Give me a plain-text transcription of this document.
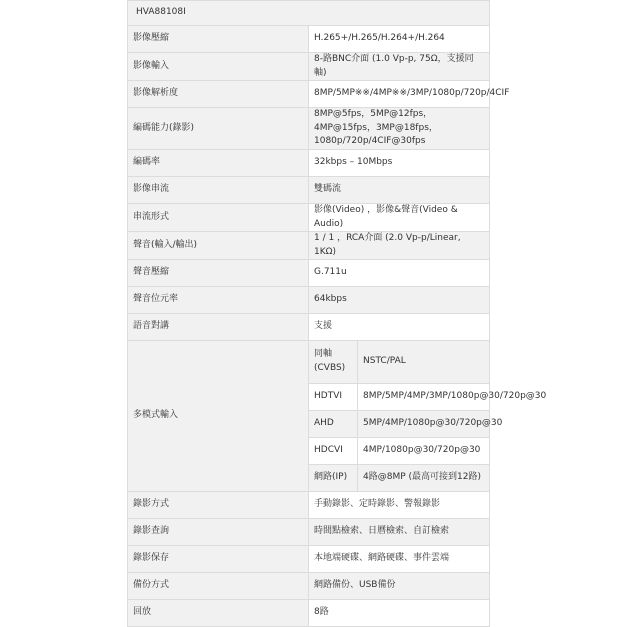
HVA88108I
影像壓縮	H.265+/H.265/H.264+/H.264
影像輸入	8-路BNC介面 (1.0 Vp-p, 75Ω，支援同軸)
影像解析度	8MP/5MP※※/4MP※※/3MP/1080p/720p/4CIF
編碼能力(錄影)	8MP@5fps，5MP@12fps，4MP@15fps，3MP@18fps，1080p/720p/4CIF@30fps
編碼率	32kbps – 10Mbps
影像串流	雙碼流
串流形式	影像(Video) ，影像&聲音(Video & Audio)
聲音(輸入/輸出)	1 / 1 ，RCA介面 (2.0 Vp-p/Linear, 1KΩ)
聲音壓縮	G.711u
聲音位元率	64kbps
語音對講	支援
多模式輸入	
同軸(CVBS)	NSTC/PAL
HDTVI	8MP/5MP/4MP/3MP/1080p@30/720p@30
AHD	5MP/4MP/1080p@30/720p@30
HDCVI	4MP/1080p@30/720p@30
網路(IP)	4路@8MP (最高可接到12路)

錄影方式	手動錄影、定時錄影、警報錄影
錄影查詢	時間點檢索、日曆檢索、自訂檢索
錄影保存	本地端硬碟、網路硬碟、事件雲端
備份方式	網路備份、USB備份
回放	8路
